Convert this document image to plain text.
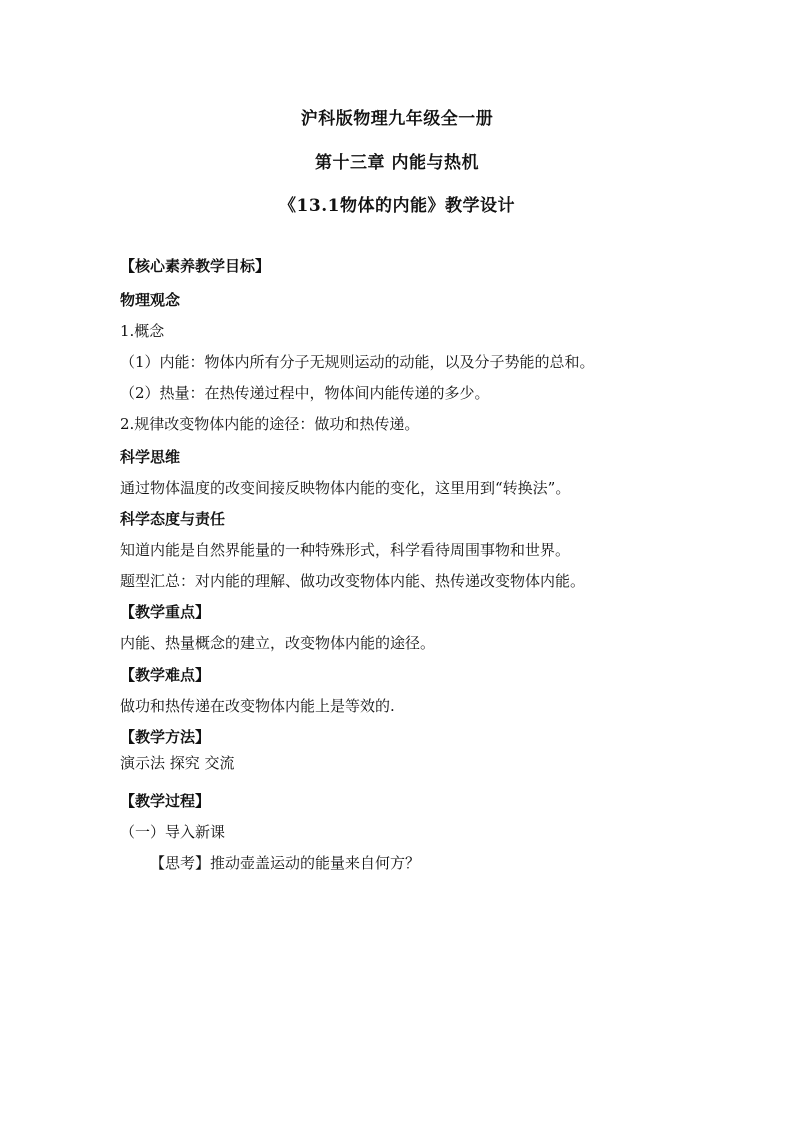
沪科版物理九年级全一册
第十三章 内能与热机
《13.1物体的内能》教学设计
【核心素养教学目标】
物理观念
1.概念
（1）内能：物体内所有分子无规则运动的动能，以及分子势能的总和。
（2）热量：在热传递过程中，物体间内能传递的多少。
2.规律改变物体内能的途径：做功和热传递。
科学思维
通过物体温度的改变间接反映物体内能的变化，这里用到“转换法”。
科学态度与责任
知道内能是自然界能量的一种特殊形式，科学看待周围事物和世界。
题型汇总：对内能的理解、做功改变物体内能、热传递改变物体内能。
【教学重点】
内能、热量概念的建立，改变物体内能的途径。
【教学难点】
做功和热传递在改变物体内能上是等效的.
【教学方法】
演示法 探究 交流
【教学过程】
（一）导入新课
【思考】推动壶盖运动的能量来自何方？
